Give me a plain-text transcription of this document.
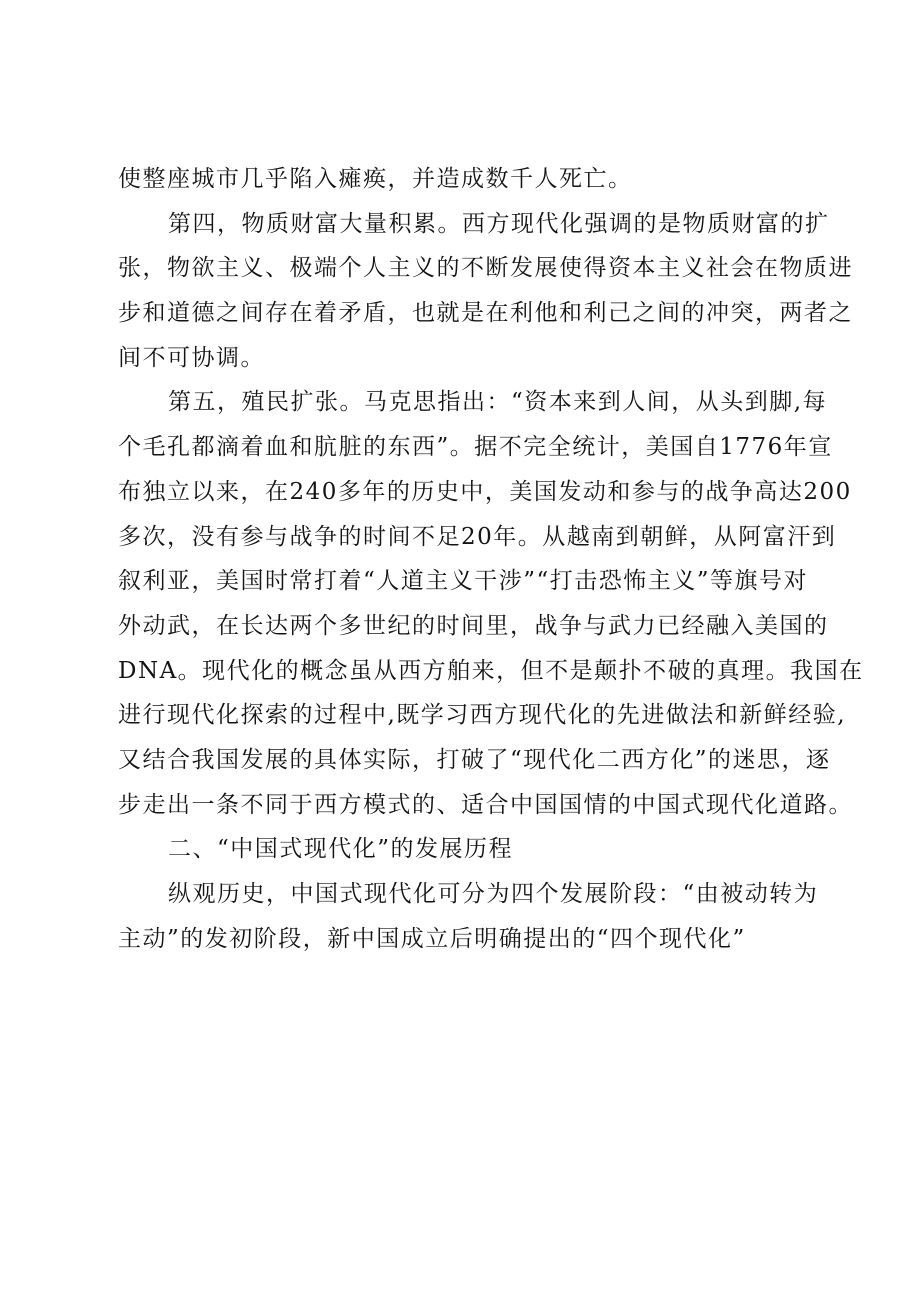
使整座城市几乎陷入瘫痪，并造成数千人死亡。
第四，物质财富大量积累。西方现代化强调的是物质财富的扩
张，物欲主义、极端个人主义的不断发展使得资本主义社会在物质进
步和道德之间存在着矛盾，也就是在利他和利己之间的冲突，两者之
间不可协调。
第五，殖民扩张。马克思指出：“资本来到人间，从头到脚,每
个毛孔都滴着血和肮脏的东西”。据不完全统计，美国自1776年宣
布独立以来，在240多年的历史中，美国发动和参与的战争高达200
多次，没有参与战争的时间不足20年。从越南到朝鲜，从阿富汗到
叙利亚，美国时常打着“人道主义干涉”“打击恐怖主义”等旗号对
外动武，在长达两个多世纪的时间里，战争与武力已经融入美国的
DNA。现代化的概念虽从西方舶来，但不是颠扑不破的真理。我国在
进行现代化探索的过程中,既学习西方现代化的先进做法和新鲜经验,
又结合我国发展的具体实际，打破了“现代化二西方化”的迷思，逐
步走出一条不同于西方模式的、适合中国国情的中国式现代化道路。
二、“中国式现代化”的发展历程
纵观历史，中国式现代化可分为四个发展阶段：“由被动转为
主动”的发初阶段，新中国成立后明确提出的“四个现代化”
